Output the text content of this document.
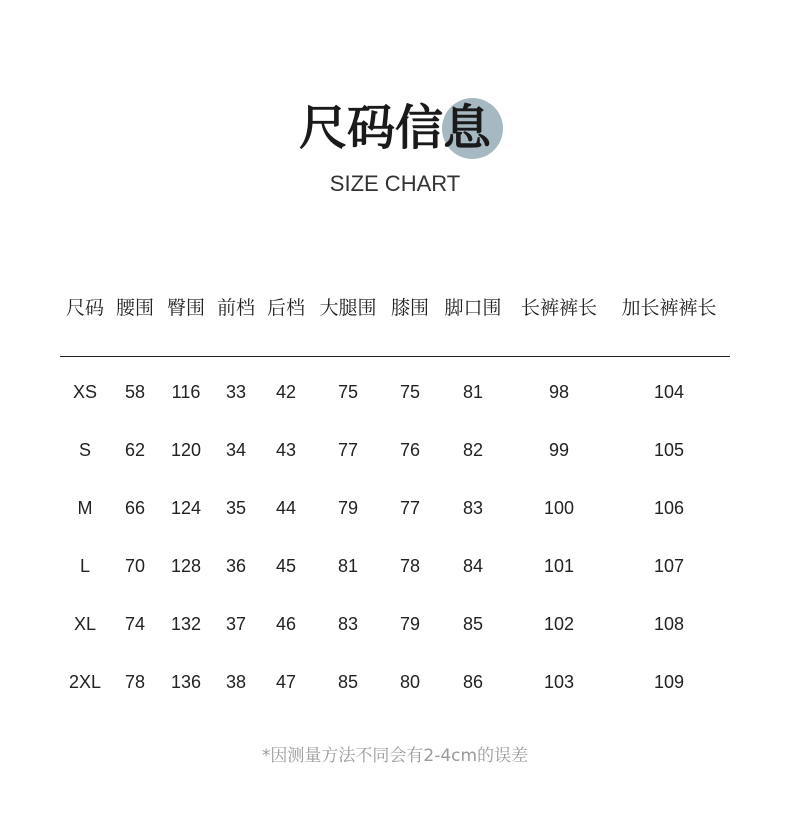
尺码信息
SIZE CHART
尺码 腰围 臀围 前档 后档 大腿围 膝围 脚口围 长裤裤长 加长裤裤长
XS 58 116 33 42 75 75 81	98	104
S 62 120 34 43 77 76 82	99	105
M 66 124 35 44 79 77 83	100	106
L 70 128 36 45 81 78 84	101	107
XL 74 132 37 46 83 79 85	102	108
2XL 78 136 38 47 85 80 86	103	109
*因测量方法不同会有2-4cm的误差
